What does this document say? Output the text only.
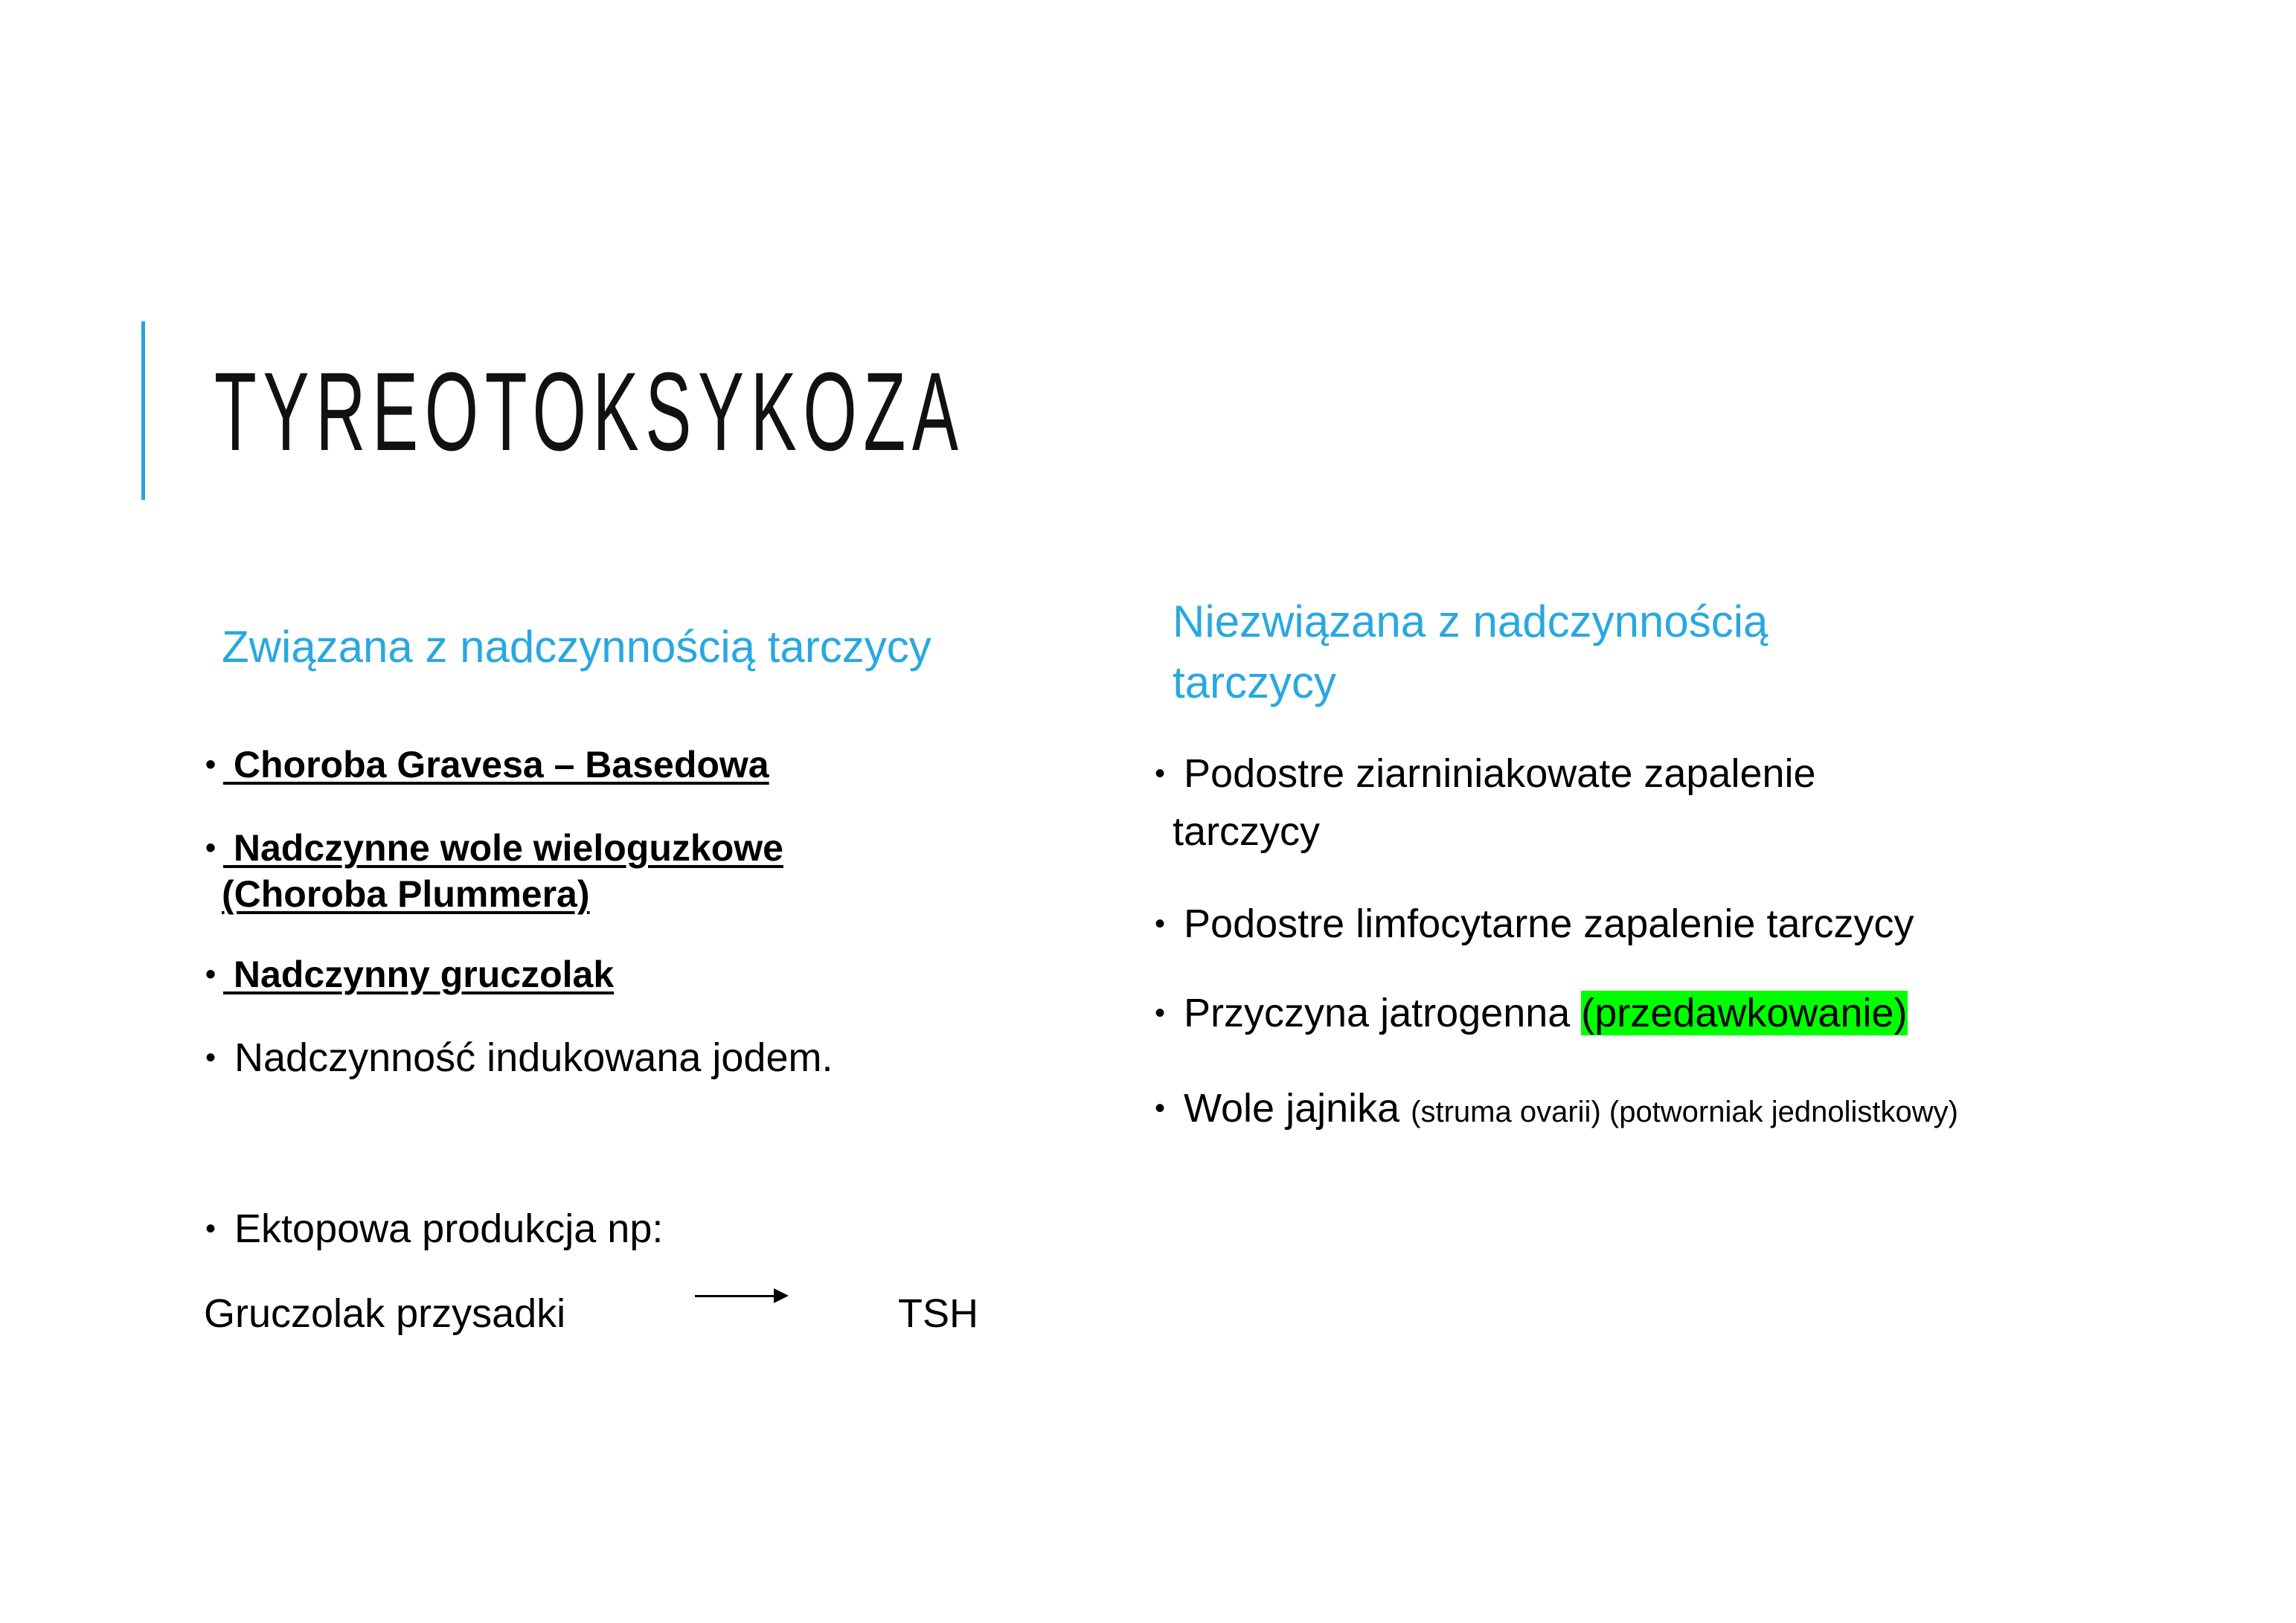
TYREOTOKSYKOZA
Związana z nadczynnością tarczycy
• Choroba Gravesa – Basedowa
• Nadczynne wole wieloguzkowe
(Choroba Plummera)
• Nadczynny gruczolak
• Nadczynność indukowana jodem.
• Ektopowa produkcja np:
Gruczolak przysadki	TSH
Niezwiązana z nadczynnością
tarczycy
• Podostre ziarniniakowate zapalenie
tarczycy
• Podostre limfocytarne zapalenie tarczycy
• Przyczyna jatrogenna (przedawkowanie)
• Wole jajnika (struma ovarii) (potworniak jednolistkowy)
